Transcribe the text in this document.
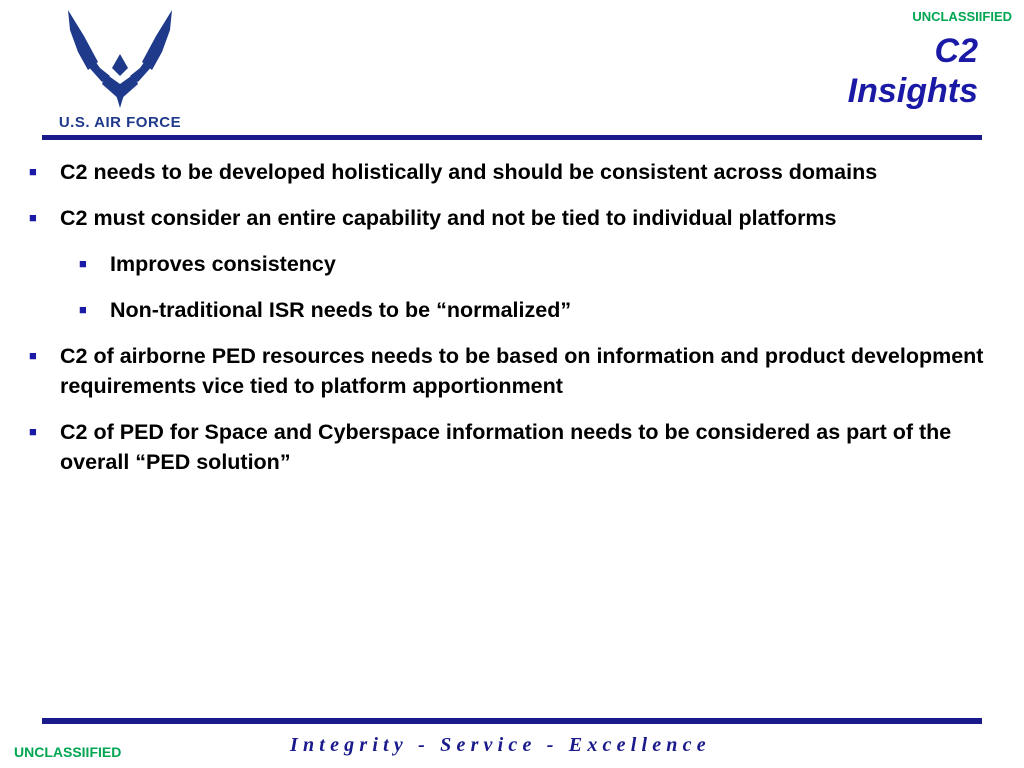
U.S. AIR FORCE
UNCLASSIIFIED
C2
Insights
■ C2 needs to be developed holistically and should be consistent across domains
■ C2 must consider an entire capability and not be tied to individual platforms
■ Improves consistency
■ Non-traditional ISR needs to be “normalized”
■ C2 of airborne PED resources needs to be based on information and product development requirements vice tied to platform apportionment
■ C2 of PED for Space and Cyberspace information needs to be considered as part of the overall “PED solution”
UNCLASSIIFIED	Integrity - Service - Excellence
